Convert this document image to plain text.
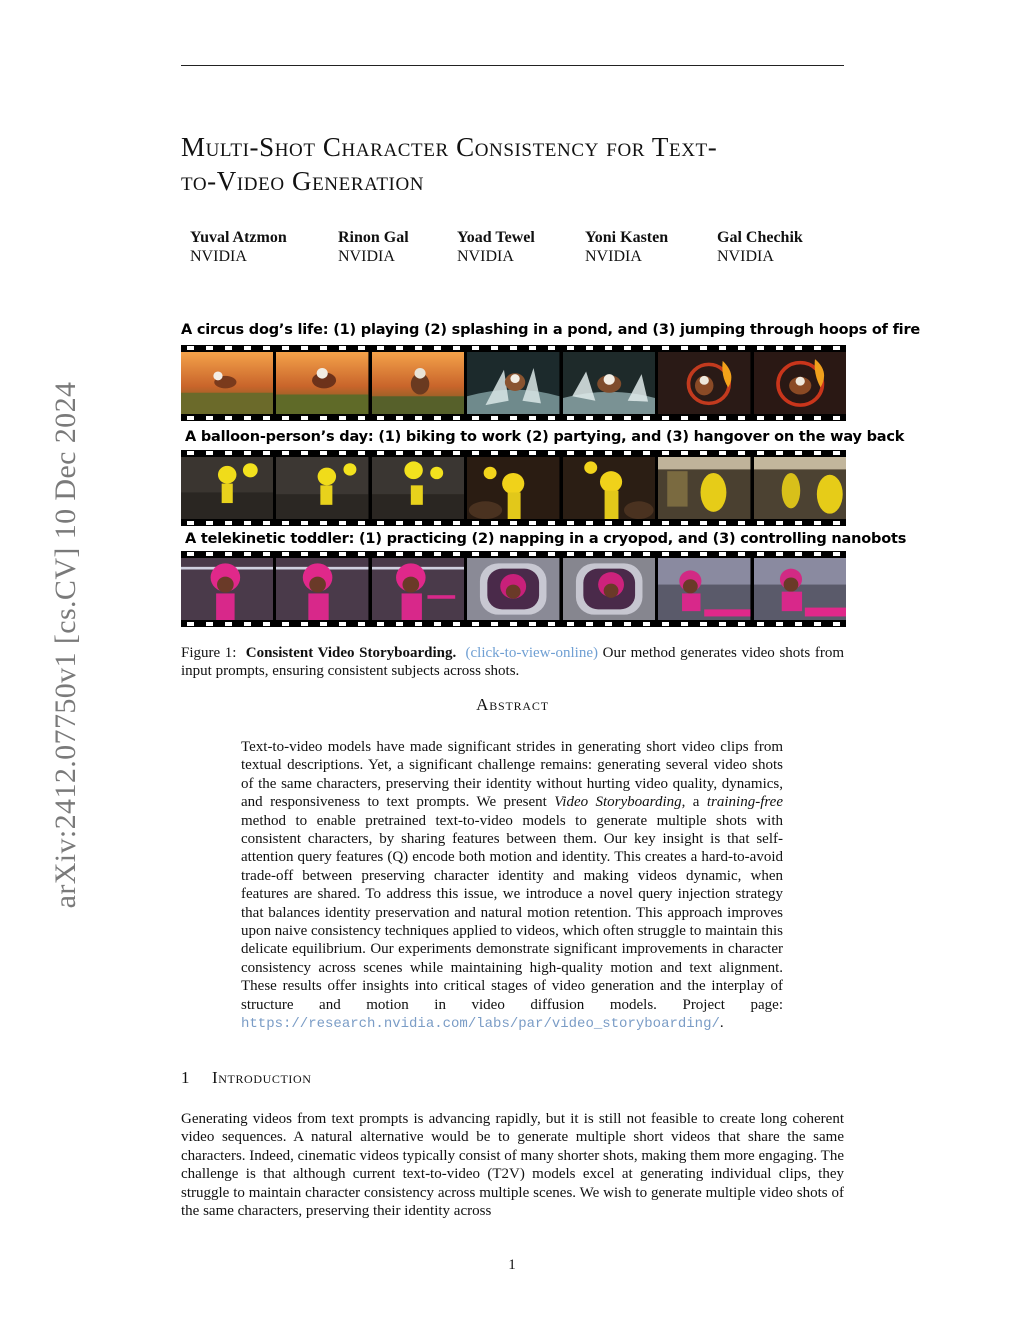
Multi-Shot Character Consistency for Text-
to-Video Generation
Yuval Atzmon
NVIDIA
Rinon Gal
NVIDIA
Yoad Tewel
NVIDIA
Yoni Kasten
NVIDIA
Gal Chechik
NVIDIA
arXiv:2412.07750v1 [cs.CV] 10 Dec 2024
A circus dog’s life: (1) playing (2) splashing in a pond, and (3) jumping through hoops of fire
A balloon-person’s day: (1) biking to work (2) partying, and (3) hangover on the way back
A telekinetic toddler: (1) practicing (2) napping in a cryopod, and (3) controlling nanobots

Figure 1: Consistent Video Storyboarding. (click-to-view-online) Our method generates video shots from input prompts, ensuring consistent subjects across shots.

Abstract

Text-to-video models have made significant strides in generating short video clips from textual descriptions. Yet, a significant challenge remains: generating several video shots of the same characters, preserving their identity without hurting video quality, dynamics, and responsiveness to text prompts. We present Video Storyboarding, a training-free method to enable pretrained text-to-video models to generate multiple shots with consistent characters, by sharing features between them. Our key insight is that self-attention query features (Q) encode both motion and identity. This creates a hard-to-avoid trade-off between preserving character identity and making videos dynamic, when features are shared. To address this issue, we introduce a novel query injection strategy that balances identity preservation and natural motion retention. This approach improves upon naive consistency techniques applied to videos, which often struggle to maintain this delicate equilibrium. Our experiments demonstrate significant improvements in character consistency across scenes while maintaining high-quality motion and text alignment. These results offer insights into critical stages of video generation and the interplay of structure and motion in video diffusion models. Project page: https://research.nvidia.com/labs/par/video_storyboarding/.

1 Introduction

Generating videos from text prompts is advancing rapidly, but it is still not feasible to create long coherent video sequences. A natural alternative would be to generate multiple short videos that share the same characters. Indeed, cinematic videos typically consist of many shorter shots, making them more engaging. The challenge is that although current text-to-video (T2V) models excel at generating individual clips, they struggle to maintain character consistency across multiple scenes. We wish to generate multiple video shots of the same characters, preserving their identity across

1
